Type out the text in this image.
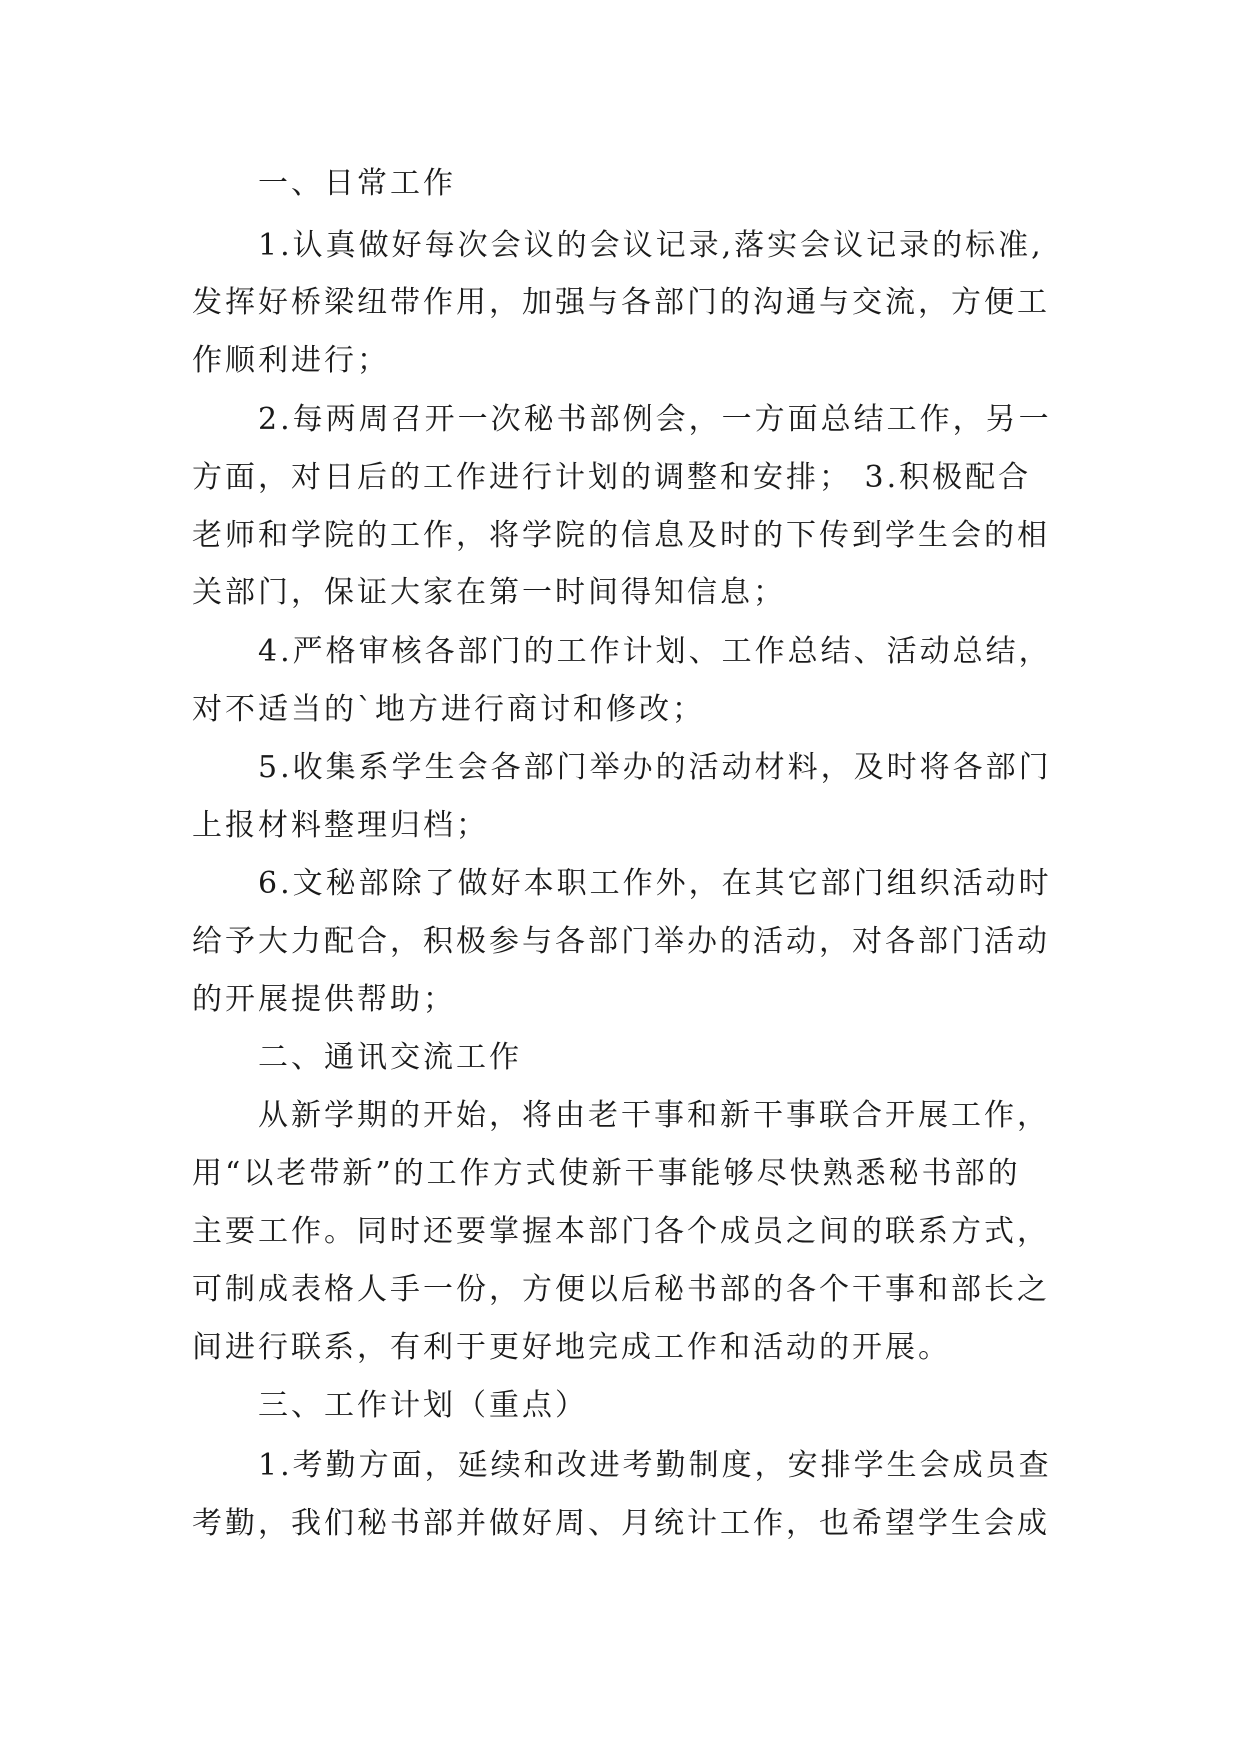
一、日常工作
1.认真做好每次会议的会议记录,落实会议记录的标准,
发挥好桥梁纽带作用，加强与各部门的沟通与交流，方便工
作顺利进行；
2.每两周召开一次秘书部例会，一方面总结工作，另一
方面，对日后的工作进行计划的调整和安排； 3.积极配合
老师和学院的工作，将学院的信息及时的下传到学生会的相
关部门，保证大家在第一时间得知信息；
4.严格审核各部门的工作计划、工作总结、活动总结，
对不适当的`地方进行商讨和修改；
5.收集系学生会各部门举办的活动材料，及时将各部门
上报材料整理归档；
6.文秘部除了做好本职工作外，在其它部门组织活动时
给予大力配合，积极参与各部门举办的活动，对各部门活动
的开展提供帮助；
二、通讯交流工作
从新学期的开始，将由老干事和新干事联合开展工作，
用“以老带新”的工作方式使新干事能够尽快熟悉秘书部的
主要工作。同时还要掌握本部门各个成员之间的联系方式，
可制成表格人手一份，方便以后秘书部的各个干事和部长之
间进行联系，有利于更好地完成工作和活动的开展。
三、工作计划（重点）
1.考勤方面，延续和改进考勤制度，安排学生会成员查
考勤，我们秘书部并做好周、月统计工作，也希望学生会成
